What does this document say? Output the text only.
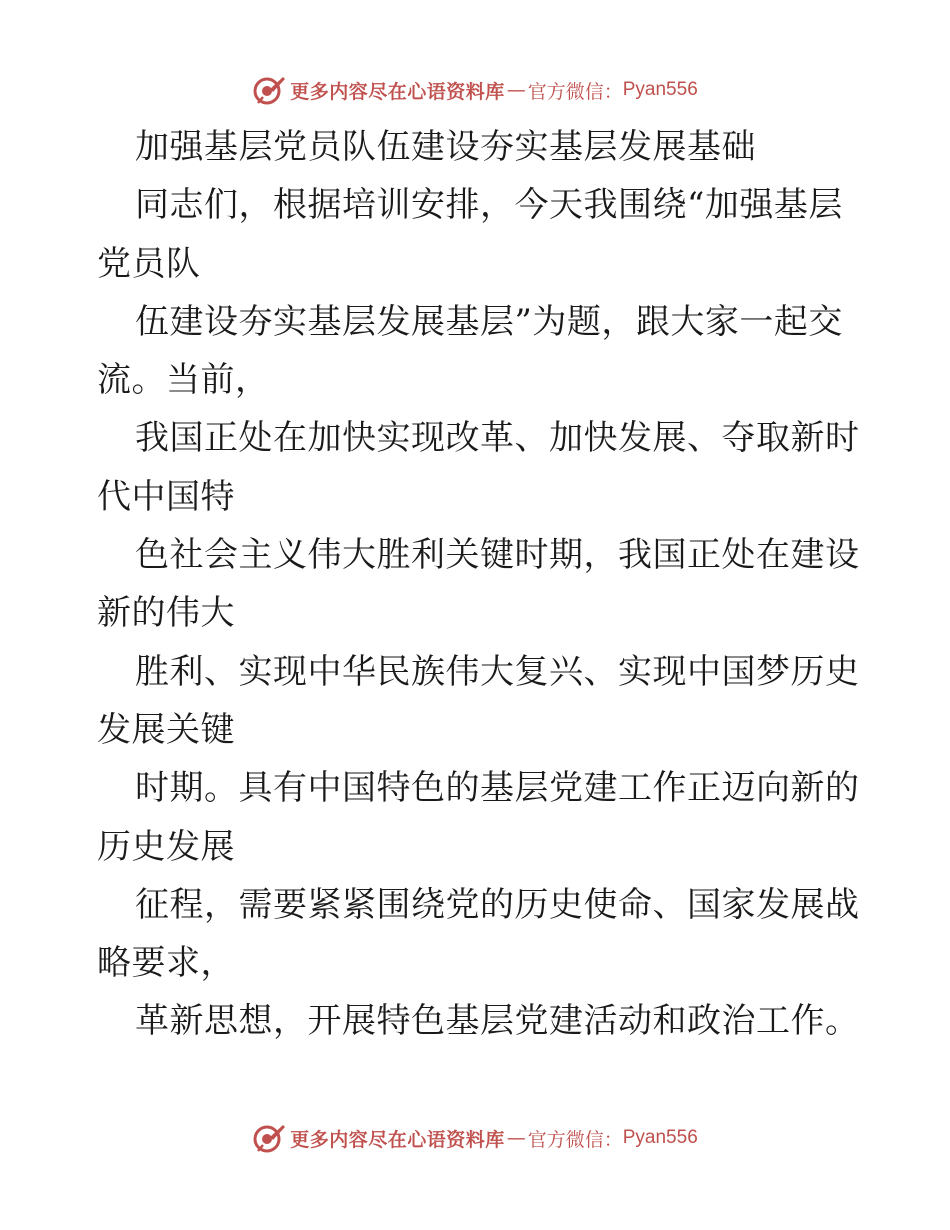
更多内容尽在心语资料库 — 官方微信： Pyan556
加强基层党员队伍建设夯实基层发展基础
同志们，根据培训安排，今天我围绕“加强基层
党员队
伍建设夯实基层发展基层”为题，跟大家一起交
流。当前，
我国正处在加快实现改革、加快发展、夺取新时
代中国特
色社会主义伟大胜利关键时期，我国正处在建设
新的伟大
胜利、实现中华民族伟大复兴、实现中国梦历史
发展关键
时期。具有中国特色的基层党建工作正迈向新的
历史发展
征程，需要紧紧围绕党的历史使命、国家发展战
略要求，
革新思想，开展特色基层党建活动和政治工作。
更多内容尽在心语资料库 — 官方微信： Pyan556
